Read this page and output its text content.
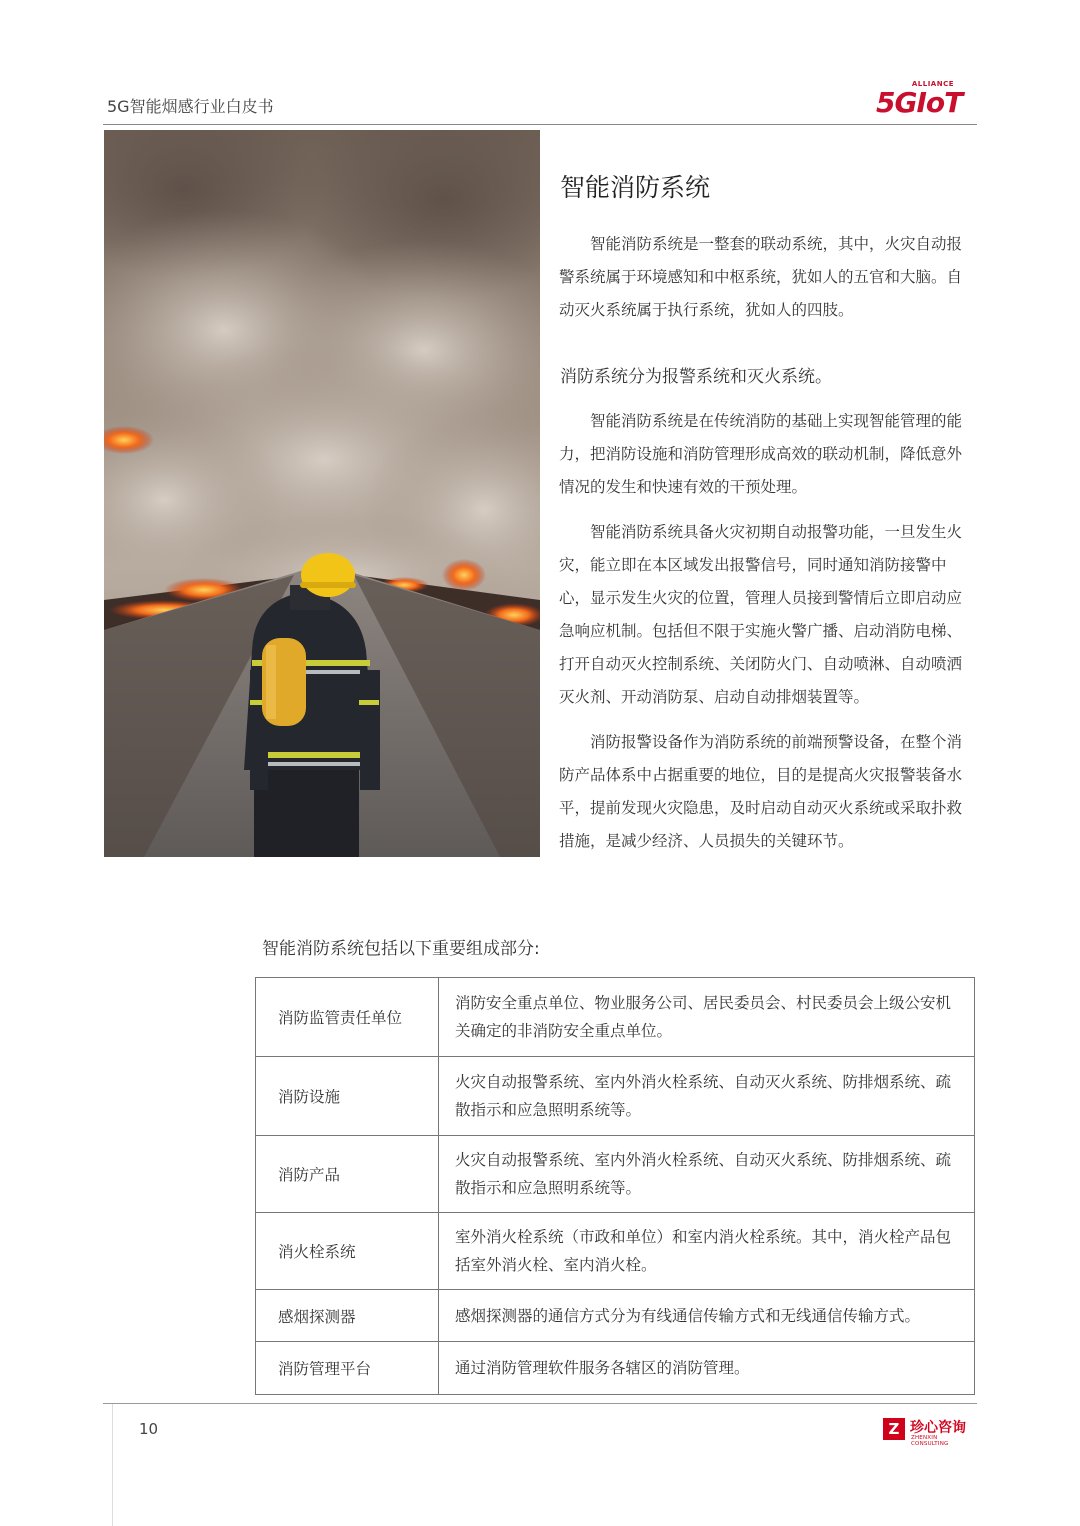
5G智能烟感行业白皮书
ALLIANCE
5GIoT
智能消防系统

智能消防系统是一整套的联动系统，其中，火灾自动报警系统属于环境感知和中枢系统，犹如人的五官和大脑。自动灭火系统属于执行系统，犹如人的四肢。

消防系统分为报警系统和灭火系统。

智能消防系统是在传统消防的基础上实现智能管理的能力，把消防设施和消防管理形成高效的联动机制，降低意外情况的发生和快速有效的干预处理。

智能消防系统具备火灾初期自动报警功能，一旦发生火灾，能立即在本区域发出报警信号，同时通知消防接警中心，显示发生火灾的位置，管理人员接到警情后立即启动应急响应机制。包括但不限于实施火警广播、启动消防电梯、打开自动灭火控制系统、关闭防火门、自动喷淋、自动喷洒灭火剂、开动消防泵、启动自动排烟装置等。

消防报警设备作为消防系统的前端预警设备，在整个消防产品体系中占据重要的地位，目的是提高火灾报警装备水平，提前发现火灾隐患，及时启动自动灭火系统或采取扑救措施，是减少经济、人员损失的关键环节。

智能消防系统包括以下重要组成部分:
消防监管责任单位	消防安全重点单位、物业服务公司、居民委员会、村民委员会上级公安机关确定的非消防安全重点单位。
消防设施	火灾自动报警系统、室内外消火栓系统、自动灭火系统、防排烟系统、疏散指示和应急照明系统等。
消防产品	火灾自动报警系统、室内外消火栓系统、自动灭火系统、防排烟系统、疏散指示和应急照明系统等。
消火栓系统	室外消火栓系统（市政和单位）和室内消火栓系统。其中，消火栓产品包括室外消火栓、室内消火栓。
感烟探测器	感烟探测器的通信方式分为有线通信传输方式和无线通信传输方式。
消防管理平台	通过消防管理软件服务各辖区的消防管理。
10	Z 珍心咨询
ZHENXIN CONSULTING
